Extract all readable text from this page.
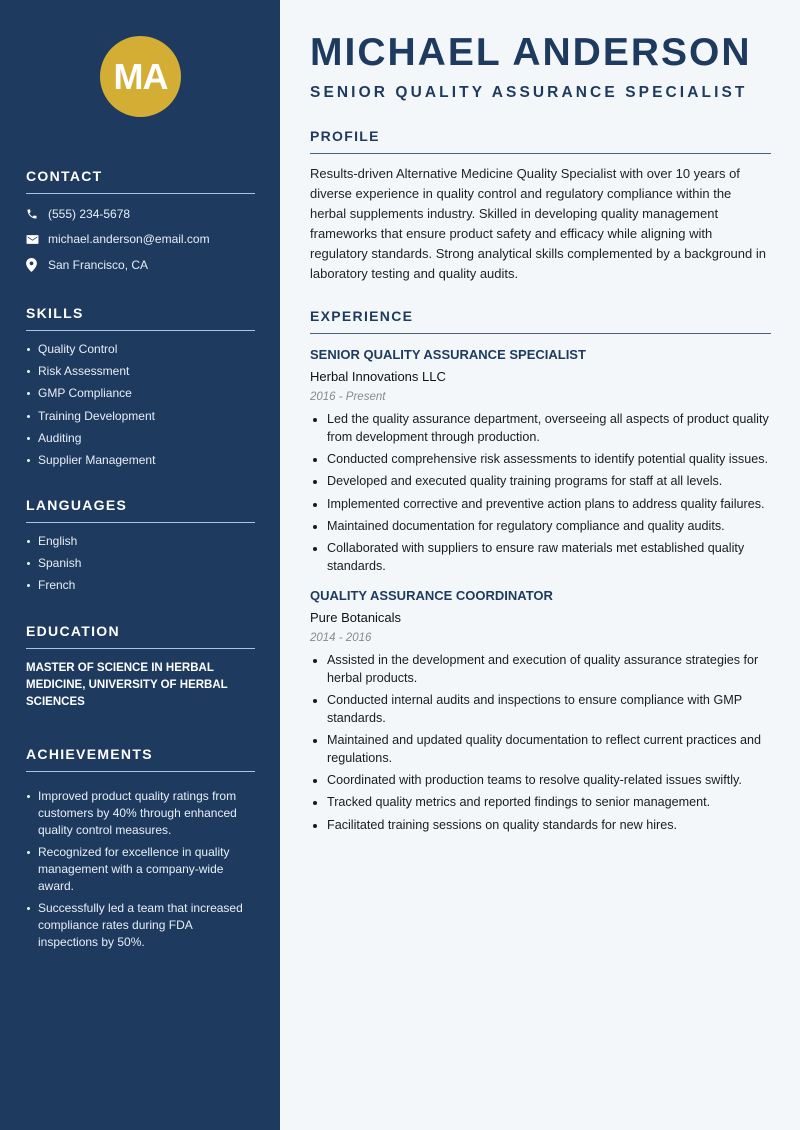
MA
CONTACT
(555) 234-5678
michael.anderson@email.com
San Francisco, CA
SKILLS
Quality Control
Risk Assessment
GMP Compliance
Training Development
Auditing
Supplier Management
LANGUAGES
English
Spanish
French
EDUCATION
MASTER OF SCIENCE IN HERBAL MEDICINE, UNIVERSITY OF HERBAL SCIENCES
ACHIEVEMENTS
Improved product quality ratings from customers by 40% through enhanced quality control measures.
Recognized for excellence in quality management with a company-wide award.
Successfully led a team that increased compliance rates during FDA inspections by 50%.
MICHAEL ANDERSON
SENIOR QUALITY ASSURANCE SPECIALIST
PROFILE

Results-driven Alternative Medicine Quality Specialist with over 10 years of diverse experience in quality control and regulatory compliance within the herbal supplements industry. Skilled in developing quality management frameworks that ensure product safety and efficacy while aligning with regulatory standards. Strong analytical skills complemented by a background in laboratory testing and quality audits.

EXPERIENCE
SENIOR QUALITY ASSURANCE SPECIALIST
Herbal Innovations LLC
2016 - Present
Led the quality assurance department, overseeing all aspects of product quality from development through production.
Conducted comprehensive risk assessments to identify potential quality issues.
Developed and executed quality training programs for staff at all levels.
Implemented corrective and preventive action plans to address quality failures.
Maintained documentation for regulatory compliance and quality audits.
Collaborated with suppliers to ensure raw materials met established quality standards.
QUALITY ASSURANCE COORDINATOR
Pure Botanicals
2014 - 2016
Assisted in the development and execution of quality assurance strategies for herbal products.
Conducted internal audits and inspections to ensure compliance with GMP standards.
Maintained and updated quality documentation to reflect current practices and regulations.
Coordinated with production teams to resolve quality-related issues swiftly.
Tracked quality metrics and reported findings to senior management.
Facilitated training sessions on quality standards for new hires.
